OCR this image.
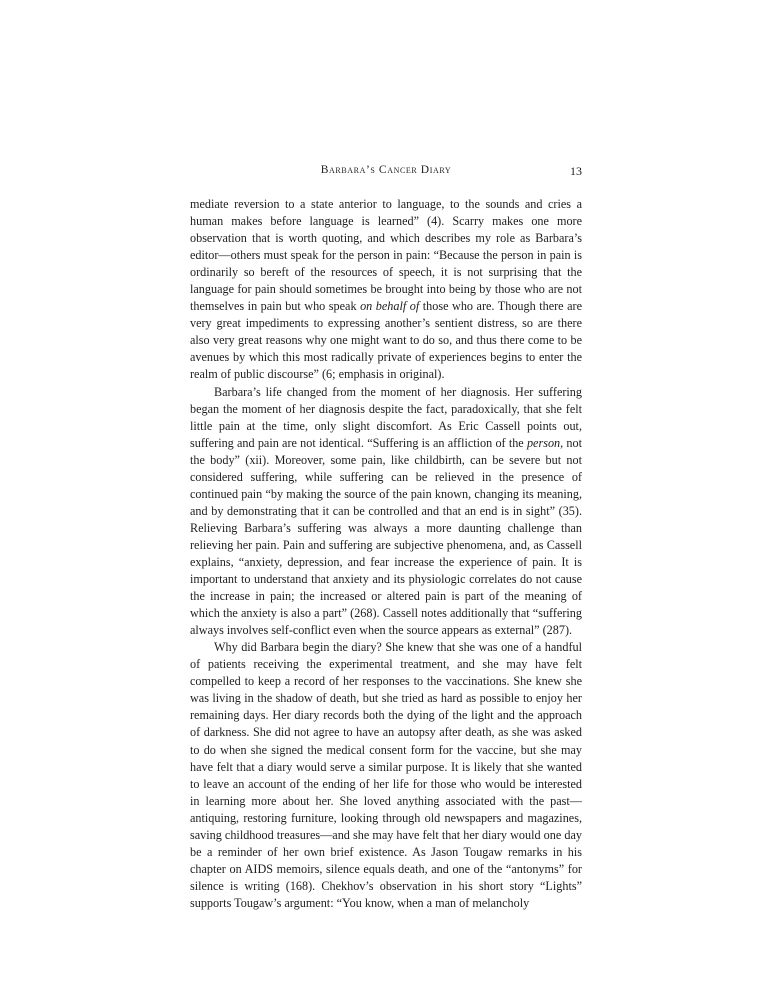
Barbara’s Cancer Diary	13

mediate reversion to a state anterior to language, to the sounds and cries a human makes before language is learned” (4). Scarry makes one more observation that is worth quoting, and which describes my role as Barbara’s editor—others must speak for the person in pain: “Because the person in pain is ordinarily so bereft of the resources of speech, it is not surprising that the language for pain should sometimes be brought into being by those who are not themselves in pain but who speak on behalf of those who are. Though there are very great impediments to expressing another’s sentient distress, so are there also very great reasons why one might want to do so, and thus there come to be avenues by which this most radically private of experiences begins to enter the realm of public discourse” (6; emphasis in original).

Barbara’s life changed from the moment of her diagnosis. Her suffering began the moment of her diagnosis despite the fact, paradoxically, that she felt little pain at the time, only slight discomfort. As Eric Cassell points out, suffering and pain are not identical. “Suffering is an affliction of the person, not the body” (xii). Moreover, some pain, like childbirth, can be severe but not considered suffering, while suffering can be relieved in the presence of continued pain “by making the source of the pain known, changing its meaning, and by demonstrating that it can be controlled and that an end is in sight” (35). Relieving Barbara’s suffering was always a more daunting challenge than relieving her pain. Pain and suffering are subjective phenomena, and, as Cassell explains, “anxiety, depression, and fear increase the experience of pain. It is important to understand that anxiety and its physiologic correlates do not cause the increase in pain; the increased or altered pain is part of the meaning of which the anxiety is also a part” (268). Cassell notes additionally that “suffering always involves self-conflict even when the source appears as external” (287).

Why did Barbara begin the diary? She knew that she was one of a handful of patients receiving the experimental treatment, and she may have felt compelled to keep a record of her responses to the vaccinations. She knew she was living in the shadow of death, but she tried as hard as possible to enjoy her remaining days. Her diary records both the dying of the light and the approach of darkness. She did not agree to have an autopsy after death, as she was asked to do when she signed the medical consent form for the vaccine, but she may have felt that a diary would serve a similar purpose. It is likely that she wanted to leave an account of the ending of her life for those who would be interested in learning more about her. She loved anything associated with the past—antiquing, restoring furniture, looking through old newspapers and magazines, saving childhood treasures—and she may have felt that her diary would one day be a reminder of her own brief existence. As Jason Tougaw remarks in his chapter on AIDS memoirs, silence equals death, and one of the “antonyms” for silence is writing (168). Chekhov’s observation in his short story “Lights” supports Tougaw’s argument: “You know, when a man of melancholy
